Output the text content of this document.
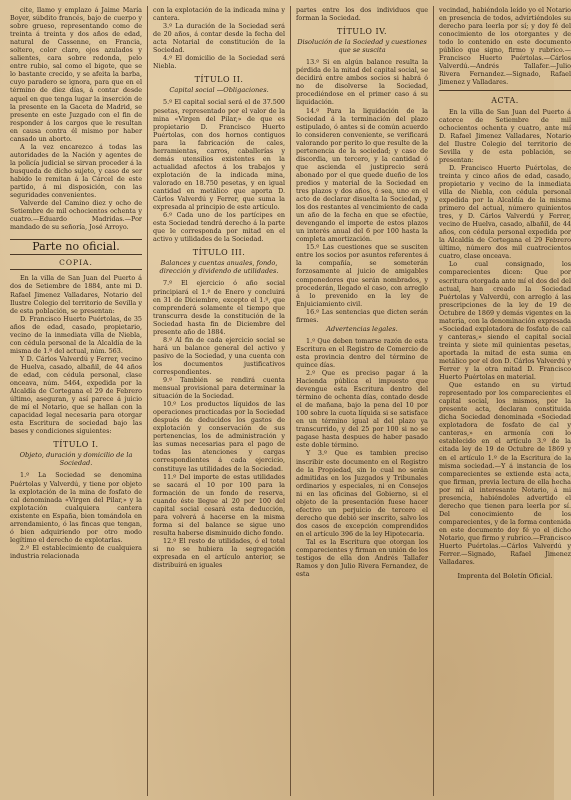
cite, llamo y emplazo á Jaime María Boyer, súbdito francés, bajo de cuerpo y sobre grueso, representando como de treinta á treinta y dos años de edad, natural de Cassenne, en Francia, soltero, color claro, ojos azulados y salientes, cara sobre redonda, pelo entre rubio, sal como el bigote, que se lo bastante crecido, y se afeita la barba, cuyo paradero se ignora, para que en el término de diez días, á contar desde aquel en que tenga lugar la inserción de la presente en la Gaceta de Madrid, se presente en este Juzgado con el fin de responder á los cargos que le resultan en causa contra él mismo por haber cansado un aborto.

A la vez encarezco á todas las autoridades de la Nación y agentes de la policía judicial se sirvan proceder á la busqueda de dicho sujeto, y caso de ser habido le remitan á la Cárcel de este partido, á mi disposición, con las seguridades convenientes.

Valverde del Camino diez y ocho de Setiembre de mil ochocientos ochenta y cuatro.—Eduardo Madridas.—Por mandado de su señoría, José Arroyo.

Parte no oficial.
COPIA.

En la villa de San Juan del Puerto á dos de Setiembre de 1884, ante mi D. Rafael Jimenez Valladares, Notario del Ilustre Colegio del territorio de Sevilla y de esta población, se presentan:

D. Francisco Huerto Puértolas, de 35 años de edad, casado, propietario, vecino de la inmediata villa de Niebla, con cédula personal de la Alcaldía de la misma de 1.º del actual, núm. 563.

Y D. Cárlos Valverdú y Ferrer, vecino de Huelva, casado, albañil, de 44 años de edad, con cédula personal, clase onceava, núm. 5464, expedida por la Alcaldía de Cortegana el 29 de Febrero último, aseguran, y así parece á juicio de mí el Notario, que se hallan con la capacidad legal necesaria para otorgar esta Escritura de sociedad bajo las bases y condiciones siguientes:

TÍTULO I.
Objeto, duración y domicilio de la Sociedad.

1.º La Sociedad se denomina Puértolas y Valverdú, y tiene por objeto la explotación de la mina de fosfato de cal denominada «Virgen del Pilar,» y la explotación cualquiera cantera existente en España, bien tomándola en arrendamiento, ó las fincas que tengan, ó bien adquiriendo por otro modo legítimo el derecho de explotarlas.

2.º El establecimiento de cualquiera industria relacionada

con la explotación de la indicada mina y cantera.

3.º La duración de la Sociedad será de 20 años, á contar desde la fecha del acta Notarial de constitución de la Sociedad.

4.º El domicilio de la Sociedad será Niebla.

TÍTULO II.
Capital social —Obligaciones.

5.º El capital social será el de 37.500 pesetas, representado por el valor de la mina «Virgen del Pilar,» de que es propietario D. Francisco Huerto Puértolas, con dos hornos contiguos para la fabricación de cales, herramientas, carros, caballerías y demás utensilios existentes en la actualidad afectos á los trabajos y explotación de la indicada mina, valorado en 18.750 pesetas, y en igual cantidad en metálico que aporta D. Cárlos Valverdú y Ferrer, que suma la expresada al principio de este artículo.

6.º Cada uno de los partícipes en esta Sociedad tendrá derecho á la parte que le corresponda por mitad en el activo y utilidades de la Sociedad.

TÍTULO III.
Balances y cuentas anuales, fondo, dirección y dividendo de utilidades.

7.º El ejercicio ó año social principiará el 1.º de Enero y concluirá en 31 de Diciembre, excepto el 1.º, que comprenderá solamente el tiempo que transcurra desde la constitución de la Sociedad hasta fin de Diciembre del presente año de 1884.

8.º Al fin de cada ejercicio social se hará un balance general del activo y pasivo de la Sociedad, y una cuenta con los documentos justificativos correspondientes.

9.º También se rendirá cuenta mensual provisional para determinar la situación de la Sociedad.

10.º Los productos líquidos de las operaciones practicadas por la Sociedad después de deducidos los gastos de explotación y conservación de sus pertenencias, los de administración y las sumas necesarias para el pago de todas las atenciones y cargas correspondientes á cada ejercicio, constituye las utilidades de la Sociedad.

11.º Del importe de estas utilidades se sacará el 10 por 100 para la formación de un fondo de reserva, cuando éste llegue al 20 por 100 del capital social cesará esta deducción, para volverá á hacerse en la misma forma si del balance se sigue uno resulta haberse disminuido dicho fondo.

12.º El resto de utilidades, ó el total si no se hubiera la segregación expresada en el artículo anterior, se distribuirá en iguales

partes entre los dos individuos que forman la Sociedad.

TÍTULO IV.
Disolución de la Sociedad y cuestiones que se suscita

13.º Si en algún balance resulta la pérdida de la mitad del capital social, se decidirá entre ambos socios si habrá ó no de disolverse la Sociedad, procediéndose en el primer caso á su liquidación.

14.º Para la liquidación de la Sociedad á la terminación del plazo estipulado, ó antes si de común acuerdo lo consideren conveniente, se verificará valorando por perito lo que resulte de la pertenencia de la sociedad; y caso de discordia, un tercero, y la cantidad ó que ascienda el justiprecio será abonado por el que quede dueño de los predios y material de la Sociedad en tres plazos y dos años, ó sea, uno en el acto de declarar disuelta la Sociedad, y los dos restantes al vencimiento de cada un año de la fecha en que se efectúe, devengando el importe de estos plazos un interés anual del 6 por 100 hasta la completa amortización.

15.º Las cuestiones que se susciten entre los socios por asuntos referentes á la compañía, se someterán forzosamente al juicio de amigables componedores que serán nombrados, y procederán, llegado el caso, con arreglo á lo prevenido en la ley de Enjuiciamiento civil.

16.º Las sentencias que dicten serán firmes.

Advertencias legales.

1.º Que deben tomarse razón de esta Escritura en el Registro de Comercio de esta provincia dentro del término de quince días.

2.º Que es preciso pagar á la Hacienda pública el impuesto que devengue esta Escritura dentro del término de ochenta días, contado desde el de mañana, bajo la pena del 10 por 100 sobre la cuota líquida si se satisface en un término igual al del plazo ya transcurrido, y del 25 por 100 si no se pagase hasta despues de haber pasado este doble término.

Y 3.º Que es tambien preciso inscribir este documento en el Registro de la Propiedad, sin lo cual no serán admitidas en los Juzgados y Tribunales ordinarios y especiales, ni en Consejos ni en las oficinas del Gobierno, si el objeto de la presentación fuese hacer efectivo un perjuicio de tercero el derecho que debió ser inscrito, salvo los dos casos de excepción comprendidos en el artículo 396 de la ley Hipotecaria.

Tal es la Escritura que otorgan los comparecientes y firman en unión de los testigos de ella don Andrés Tallafer Ramos y don Julio Rivera Fernandez, de esta

vecindad, habiéndola leído yo el Notario en presencia de todos, advirtiéndoles su derecho para leerla por sí; y doy fé del conocimiento de los otorgantes y de todo lo contenido en este documento público que signo, firmo y rubrico.—Francisco Huerto Puértolas.—Cárlos Valverdú.—Andrés Tallafer.—Julio Rivera Fernandez.—Signado, Rafael Jimenez y Valladares.

ACTA.

En la villa de San Juan del Puerto á catorce de Setiembre de mil ochocientos ochenta y cuatro, ante mí D. Rafael Jimenez Valladares, Notario del Ilustre Colegio del territorio de Sevilla y de esta población, se presentan:

D. Francisco Huerto Puértolas, de treinta y cinco años de edad, casado, propietario y vecino de la inmediata villa de Niebla, con cédula personal expedida por la Alcaldía de la misma primero del actual, número quinientos tres, y D. Cárlos Valverdú y Ferrer, vecino de Huelva, casado, albañil, de 44 años, con cédula personal expedida por la Alcaldía de Cortegana el 29 Febrero último, número dos mil cuatrocientos cuatro, clase onceava.

Lo cual consignado, los comparecientes dicen: Que por escritura otorgada ante mí el dos del del actual, han creado la Sociedad Puértolas y Valverdú, con arreglo á las prescripciones de la ley de 19 de Octubre de 1869 y demás vigentes en la materia, con la denominación expresada «Sociedad explotadora de fosfato de cal y canteras,» siendo el capital social treinta y siete mil quinientas pesetas, aportada la mitad de esta suma en metálico por el don D. Cárlos Valverdú y Ferrer y la otra mitad D. Francisco Huerto Puértolas en material.

Que estando en su virtud representado por los comparecientes el capital social, los mismos, por la presente acta, declaran constituida dicha Sociedad denominada «Sociedad explotadora de fosfato de cal y canteras,» en armonía con lo establecido en el artículo 3.º de la citada ley de 19 de Octubre de 1869 y en el artículo 1.º de la Escritura de la misma sociedad.—Y á instancia de los comparecientes se extiende esta acta, que firman, previa lectura de ella hecha por mí al interesante Notario, á mi presencia, habiéndoles advertido el derecho que tienen para leerla por sí. Del conocimiento de los comparecientes, y de la forma contenida en este documento doy fé yo el dicho Notario, que firmo y rubrico.—Francisco Huerto Puértolas.—Cárlos Valverdú y Ferrer.—Signado, Rafael Jimenez Valladares.

Imprenta del Boletín Oficial.
